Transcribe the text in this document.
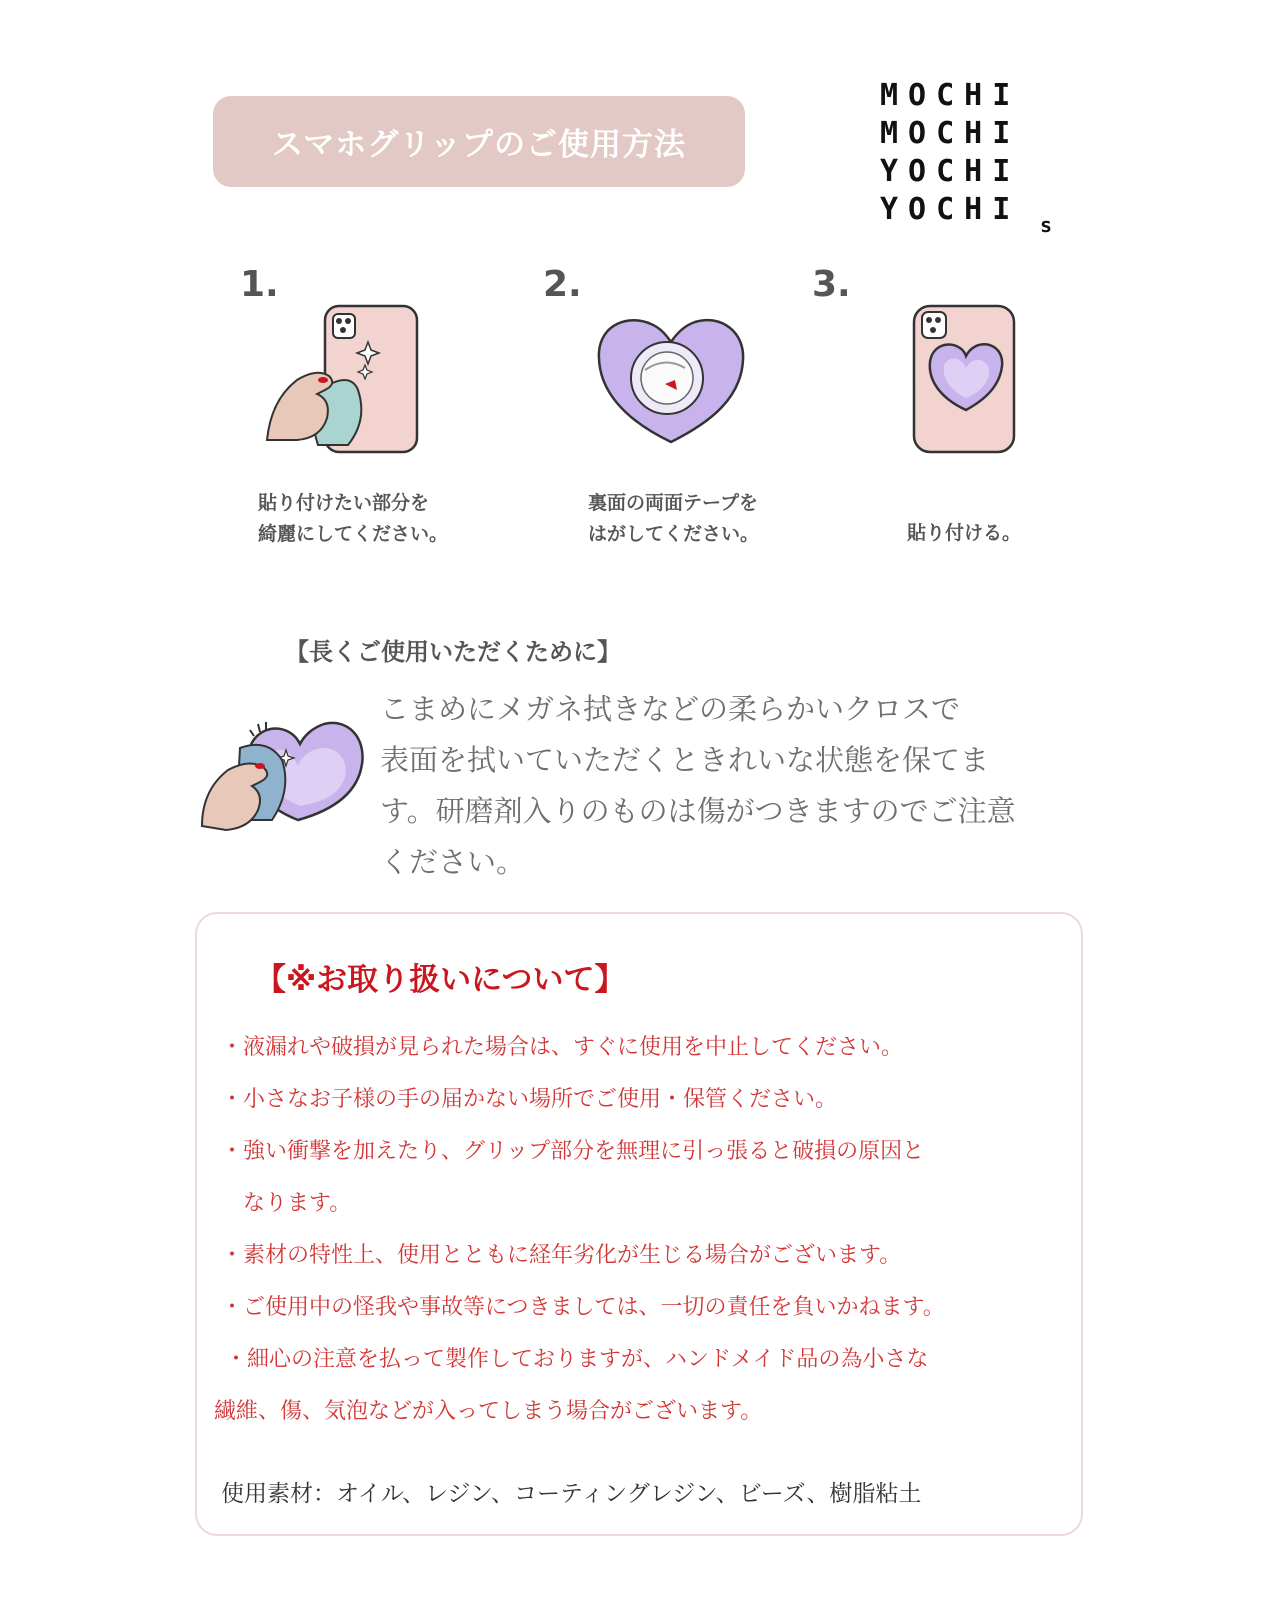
スマホグリップのご使用方法
MOCHI
MOCHI
YOCHI
YOCHI s
1.
貼り付けたい部分を
綺麗にしてください。
2.
裏面の両面テープを
はがしてください。
3.
貼り付ける。
【長くご使用いただくために】
こまめにメガネ拭きなどの柔らかいクロスで
表面を拭いていただくときれいな状態を保てま
す。研磨剤入りのものは傷がつきますのでご注意
ください。
【※お取り扱いについて】
・液漏れや破損が見られた場合は、すぐに使用を中止してください。
・小さなお子様の手の届かない場所でご使用・保管ください。
・強い衝撃を加えたり、グリップ部分を無理に引っ張ると破損の原因と
なります。
・素材の特性上、使用とともに経年劣化が生じる場合がございます。
・ご使用中の怪我や事故等につきましては、一切の責任を負いかねます。
・細心の注意を払って製作しておりますが、ハンドメイド品の為小さな
繊維、傷、気泡などが入ってしまう場合がございます。
使用素材：オイル、レジン、コーティングレジン、ビーズ、樹脂粘土
